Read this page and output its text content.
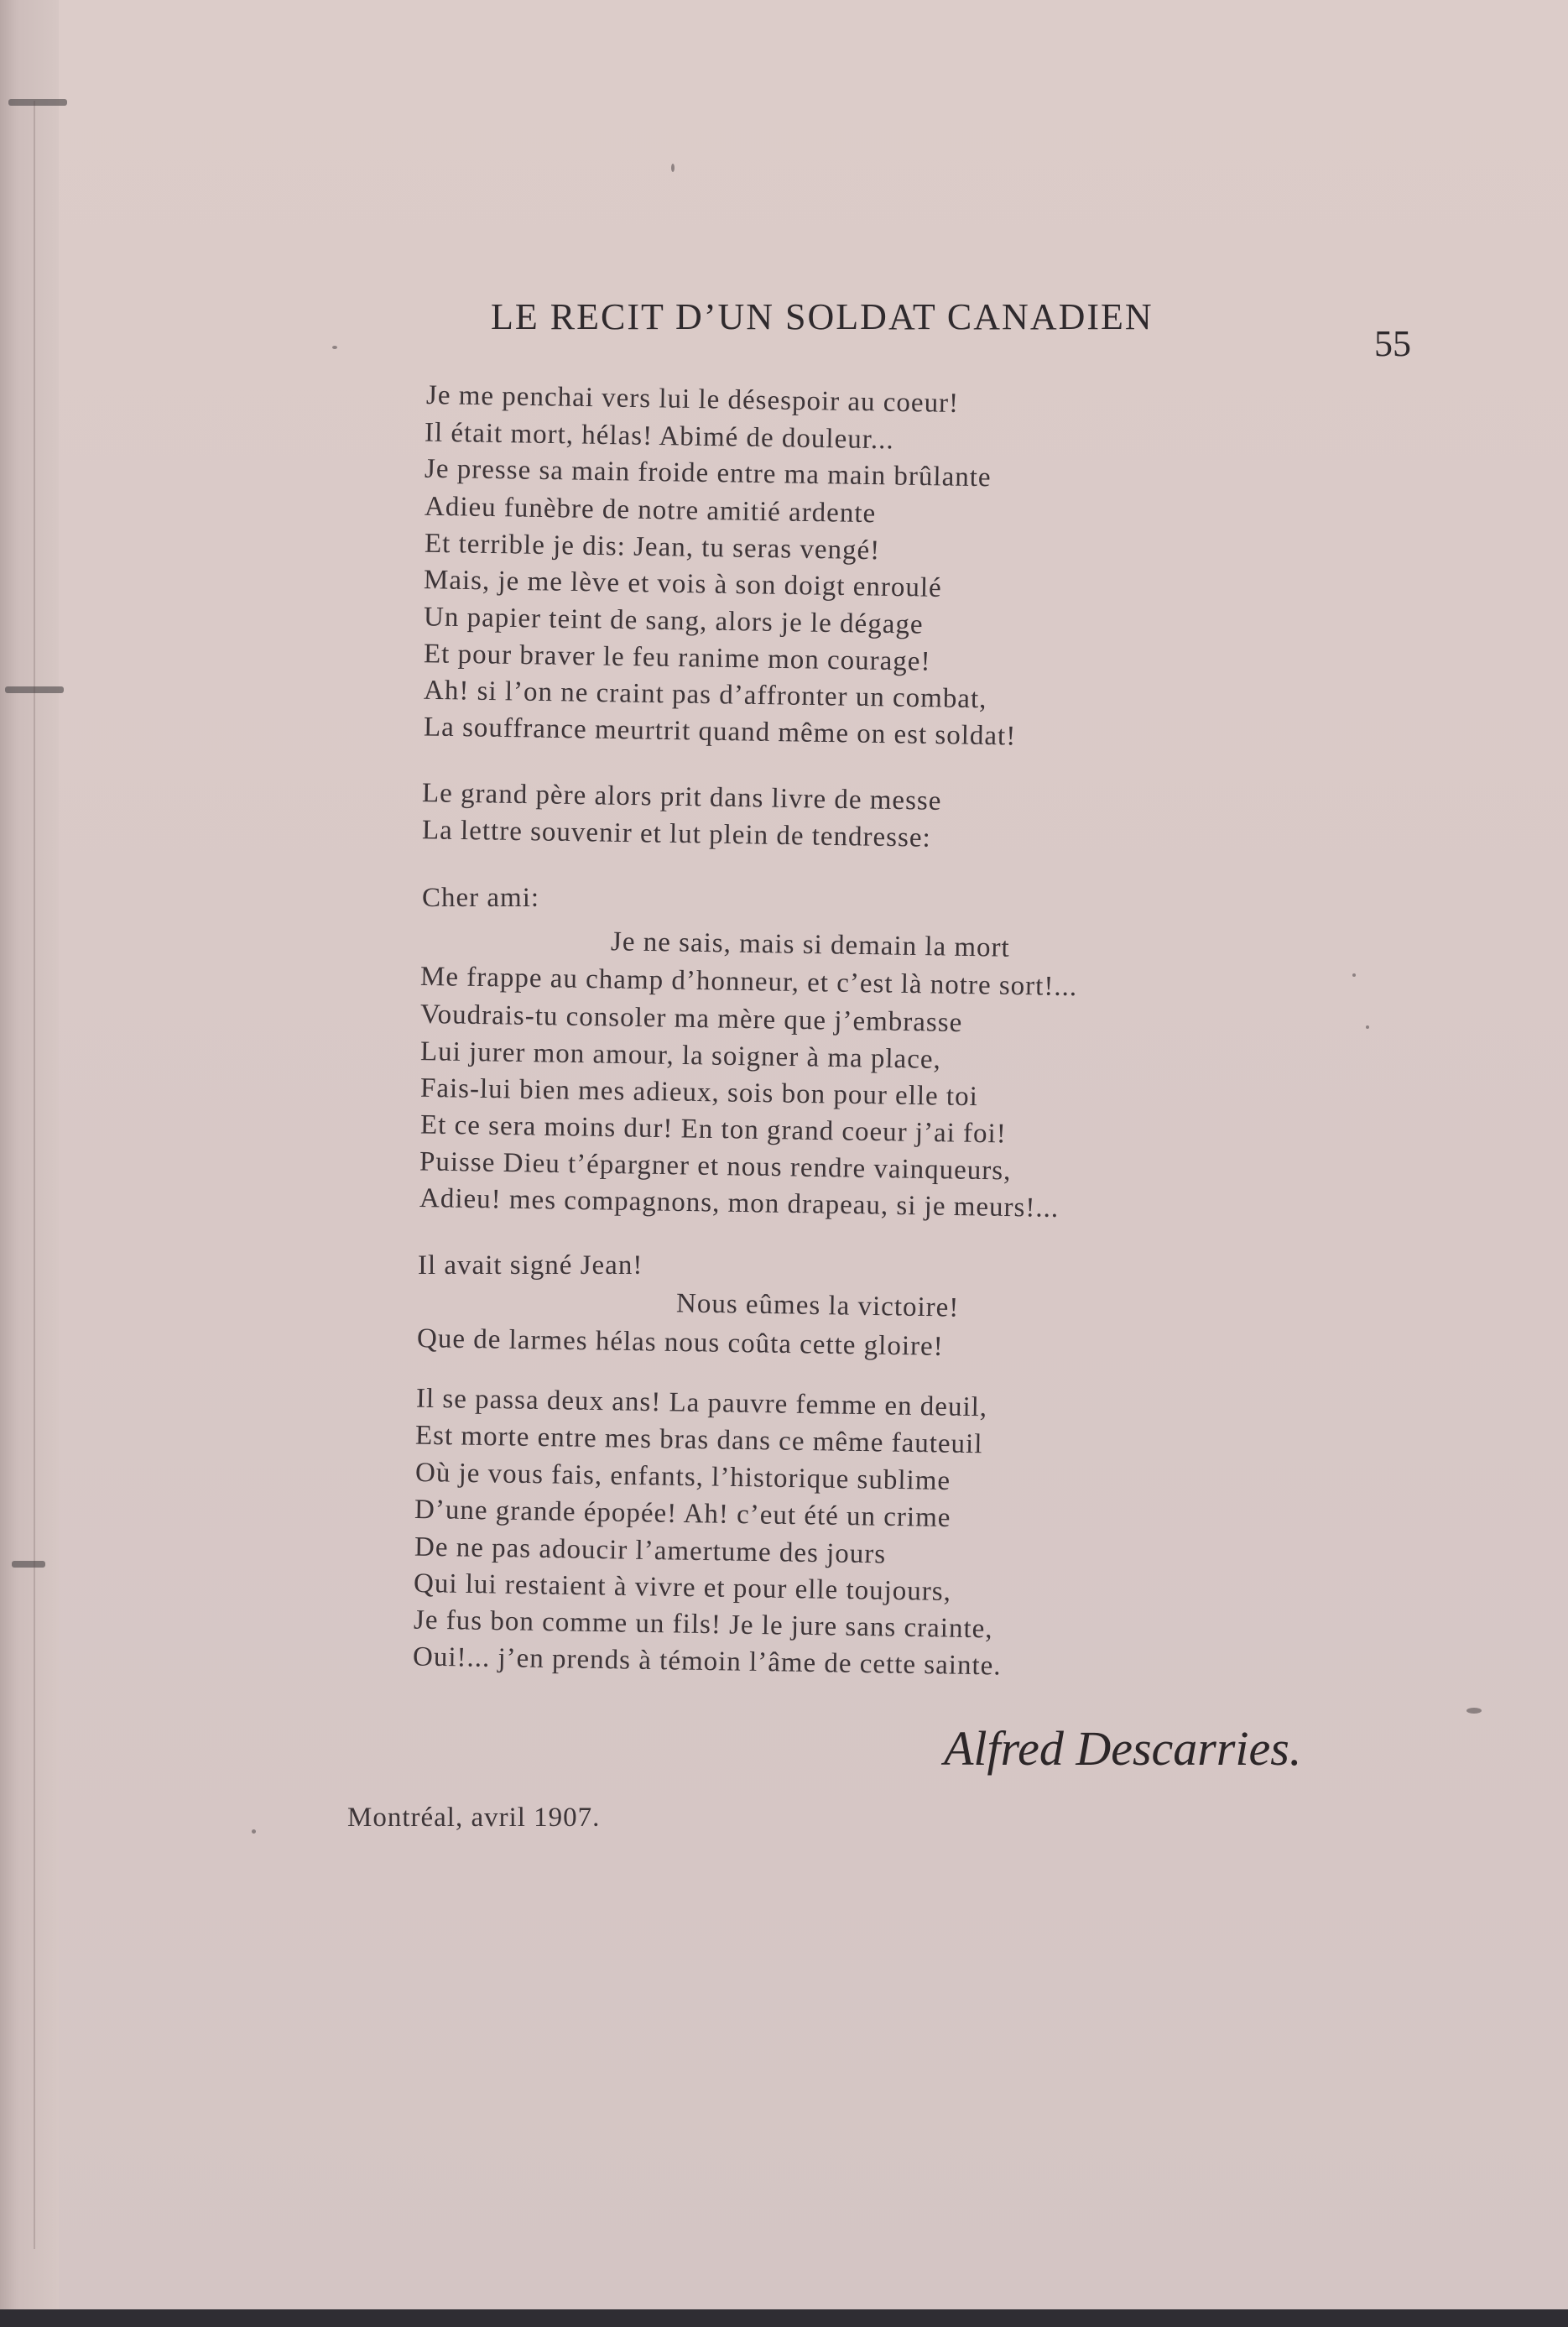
LE RECIT D’UN SOLDAT CANADIEN
55
Je me penchai vers lui le désespoir au coeur!
Il était mort, hélas! Abimé de douleur...
Je presse sa main froide entre ma main brûlante
Adieu funèbre de notre amitié ardente
Et terrible je dis: Jean, tu seras vengé!
Mais, je me lève et vois à son doigt enroulé
Un papier teint de sang, alors je le dégage
Et pour braver le feu ranime mon courage!
Ah! si l’on ne craint pas d’affronter un combat,
La souffrance meurtrit quand même on est soldat!
Le grand père alors prit dans livre de messe
La lettre souvenir et lut plein de tendresse:
Cher ami:
Je ne sais, mais si demain la mort
Me frappe au champ d’honneur, et c’est là notre sort!...
Voudrais-tu consoler ma mère que j’embrasse
Lui jurer mon amour, la soigner à ma place,
Fais-lui bien mes adieux, sois bon pour elle toi
Et ce sera moins dur! En ton grand coeur j’ai foi!
Puisse Dieu t’épargner et nous rendre vainqueurs,
Adieu! mes compagnons, mon drapeau, si je meurs!...
Il avait signé Jean!
Nous eûmes la victoire!
Que de larmes hélas nous coûta cette gloire!
Il se passa deux ans! La pauvre femme en deuil,
Est morte entre mes bras dans ce même fauteuil
Où je vous fais, enfants, l’historique sublime
D’une grande épopée! Ah! c’eut été un crime
De ne pas adoucir l’amertume des jours
Qui lui restaient à vivre et pour elle toujours,
Je fus bon comme un fils! Je le jure sans crainte,
Oui!... j’en prends à témoin l’âme de cette sainte.
Alfred Descarries.
Montréal, avril 1907.
